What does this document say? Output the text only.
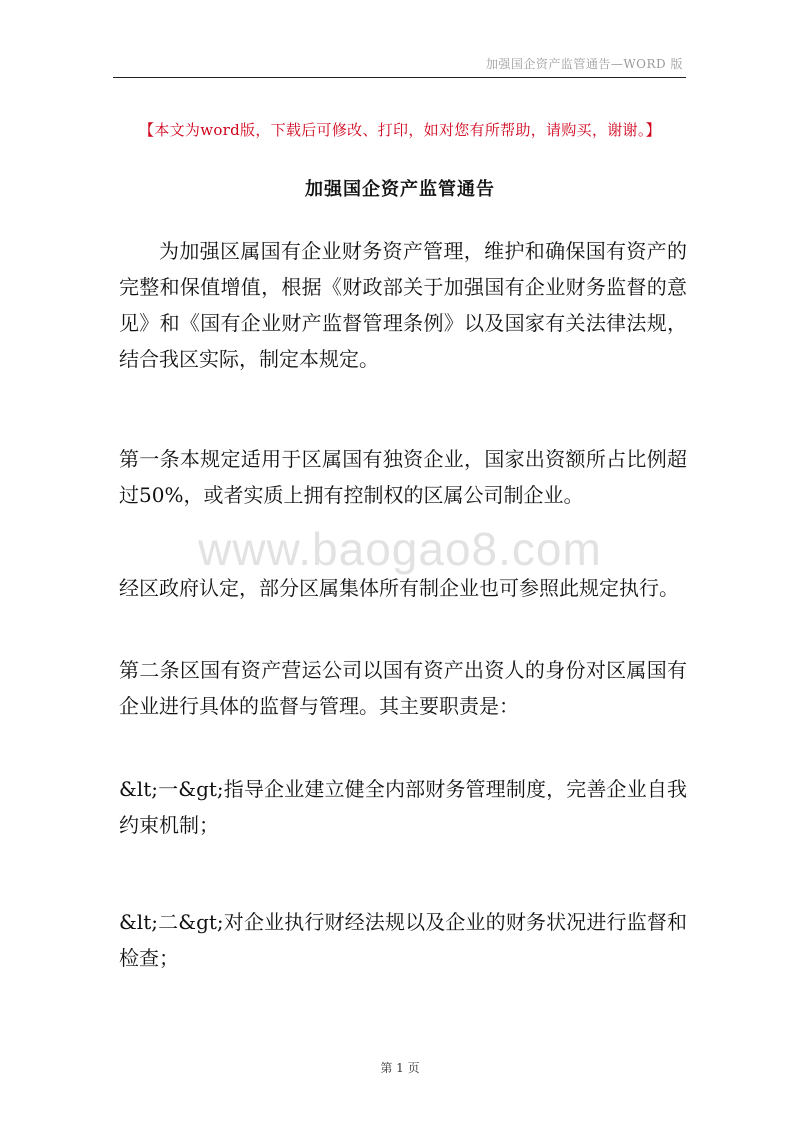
加强国企资产监管通告—WORD 版
【本文为word版，下载后可修改、打印，如对您有所帮助，请购买，谢谢。】
加强国企资产监管通告

为加强区属国有企业财务资产管理，维护和确保国有资产的完整和保值增值，根据《财政部关于加强国有企业财务监督的意见》和《国有企业财产监督管理条例》以及国家有关法律法规，结合我区实际，制定本规定。

第一条本规定适用于区属国有独资企业，国家出资额所占比例超过50%，或者实质上拥有控制权的区属公司制企业。

www.baogao8.com

经区政府认定，部分区属集体所有制企业也可参照此规定执行。

第二条区国有资产营运公司以国有资产出资人的身份对区属国有企业进行具体的监督与管理。其主要职责是：

&lt;一&gt;指导企业建立健全内部财务管理制度，完善企业自我约束机制；

&lt;二&gt;对企业执行财经法规以及企业的财务状况进行监督和检查；

第 1 页
